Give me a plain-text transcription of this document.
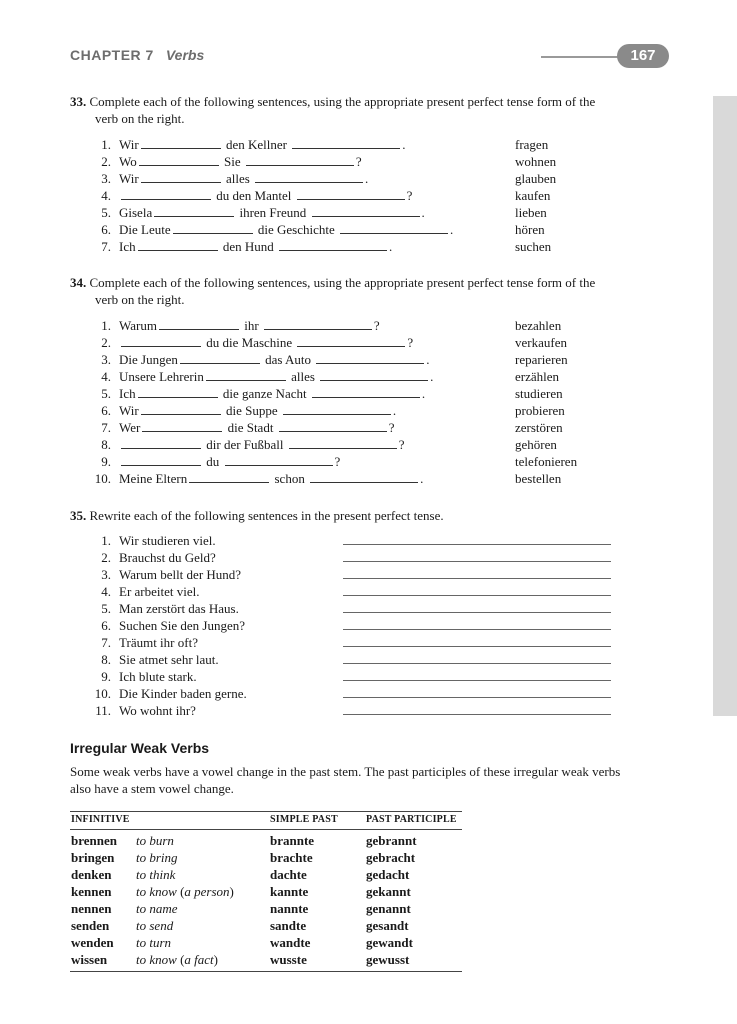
CHAPTER 7 Verbs	167
33. Complete each of the following sentences, using the appropriate present perfect tense form of the
verb on the right.
1. Wir	den Kellner	.	fragen
2. Wo	Sie	?	wohnen
3. Wir	alles	.	glauben
4.	du den Mantel	?	kaufen
5. Gisela	ihren Freund	.	lieben
6. Die Leute	die Geschichte	.	hören
7. Ich	den Hund	.	suchen
34. Complete each of the following sentences, using the appropriate present perfect tense form of the
verb on the right.
1. Warum	ihr	?	bezahlen
2.	du die Maschine	?	verkaufen
3. Die Jungen	das Auto	.	reparieren
4. Unsere Lehrerin	alles	.	erzählen
5. Ich	die ganze Nacht	.	studieren
6. Wir	die Suppe	.	probieren
7. Wer	die Stadt	?	zerstören
8.	dir der Fußball	?	gehören
9.	du	?	telefonieren
10. Meine Eltern	schon	.	bestellen
35. Rewrite each of the following sentences in the present perfect tense.
1. Wir studieren viel.
2. Brauchst du Geld?
3. Warum bellt der Hund?
4. Er arbeitet viel.
5. Man zerstört das Haus.
6. Suchen Sie den Jungen?
7. Träumt ihr oft?
8. Sie atmet sehr laut.
9. Ich blute stark.
10. Die Kinder baden gerne.
11. Wo wohnt ihr?
Irregular Weak Verbs
Some weak verbs have a vowel change in the past stem. The past participles of these irregular weak verbs
also have a stem vowel change.
INFINITIVE	SIMPLE PAST	PAST PARTICIPLE
brennen to burn	brannte	gebrannt
bringen to bring	brachte	gebracht
denken to think	dachte	gedacht
kennen to know (a person)	kannte	gekannt
nennen to name	nannte	genannt
senden to send	sandte	gesandt
wenden to turn	wandte	gewandt
wissen to know (a fact)	wusste	gewusst
